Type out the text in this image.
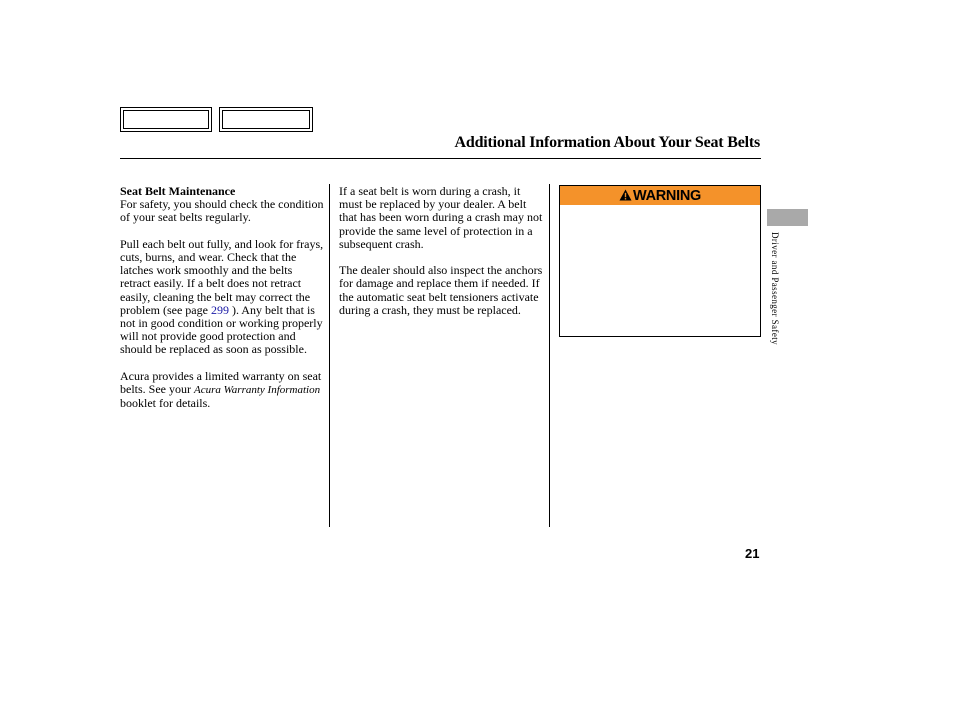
Additional Information About Your Seat Belts

Seat Belt Maintenance
For safety, you should check the condition of your seat belts regularly.

Pull each belt out fully, and look for frays, cuts, burns, and wear. Check that the latches work smoothly and the belts retract easily. If a belt does not retract easily, cleaning the belt may correct the problem (see page 299 ). Any belt that is not in good condition or working properly will not provide good protection and should be replaced as soon as possible.

Acura provides a limited warranty on seat belts. See your Acura Warranty Information booklet for details.

If a seat belt is worn during a crash, it must be replaced by your dealer. A belt that has been worn during a crash may not provide the same level of protection in a subsequent crash.

The dealer should also inspect the anchors for damage and replace them if needed. If the automatic seat belt tensioners activate during a crash, they must be replaced.

WARNING
Driver and Passenger Safety
21
